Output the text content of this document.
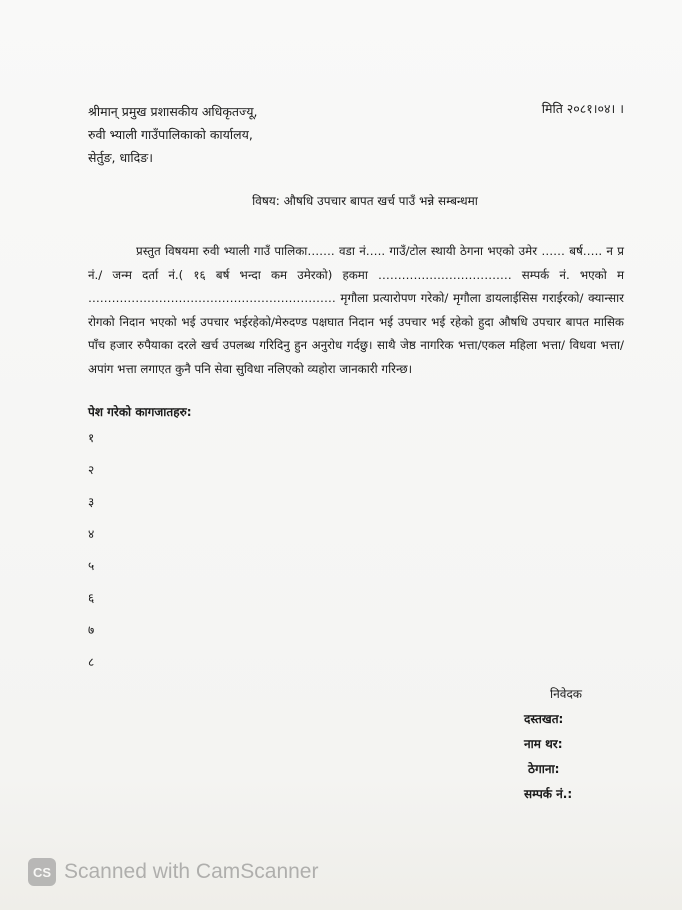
श्रीमान् प्रमुख प्रशासकीय अधिकृतज्यू,
रुवी भ्याली गाउँपालिकाको कार्यालय,
सेर्तुङ, धादिङ।
मिति २०८१।०४। ।
विषय: औषधि उपचार बापत खर्च पाउँ भन्ने सम्बन्धमा

प्रस्तुत विषयमा रुवी भ्याली गाउँ पालिका……. वडा नं….. गाउँ/टोल स्थायी ठेगना भएको उमेर …… बर्ष….. न प्र नं./ जन्म दर्ता नं.( १६ बर्ष भन्दा कम उमेरको) हकमा ……………………………. सम्पर्क नं. भएको म ……………………………………………………… मृगौला प्रत्यारोपण गरेको/ मृगौला डायलाईसिस गराईरको/ क्यान्सार रोगको निदान भएको भई उपचार भईरहेको/मेरुदण्ड पक्षघात निदान भई उपचार भई रहेको हुदा औषधि उपचार बापत मासिक पाँच हजार रुपैयाका दरले खर्च उपलब्ध गरिदिनु हुन अनुरोध गर्दछु। साथै जेष्ठ नागरिक भत्ता/एकल महिला भत्ता/ विधवा भत्ता/ अपांग भत्ता लगाएत कुनै पनि सेवा सुविधा नलिएको व्यहोरा जानकारी गरिन्छ।

पेश गरेको कागजातहरु:
१
२
३
४
५
६
७
८
निवेदक
दस्तखत:
नाम थर:
ठेगाना:
सम्पर्क नं.:
CS Scanned with CamScanner
